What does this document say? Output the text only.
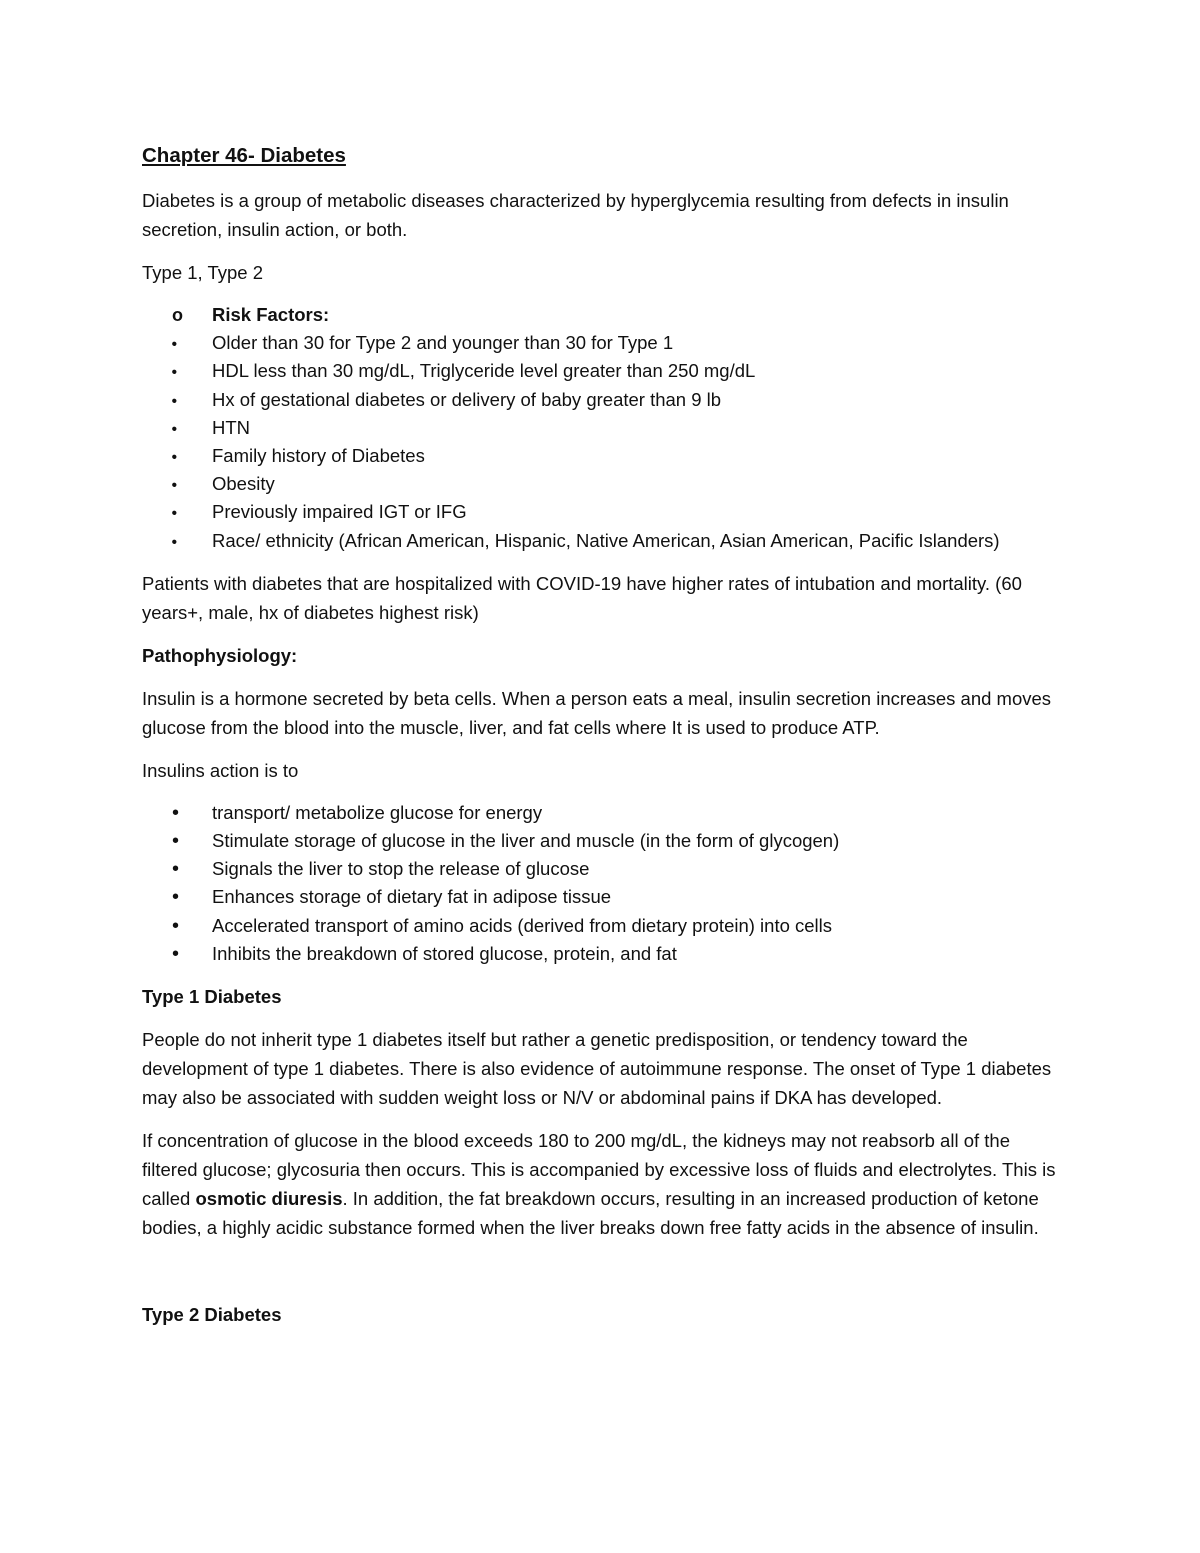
Chapter 46- Diabetes

Diabetes is a group of metabolic diseases characterized by hyperglycemia resulting from defects in insulin secretion, insulin action, or both.

Type 1, Type 2

o	Risk Factors:
•	Older than 30 for Type 2 and younger than 30 for Type 1
•	HDL less than 30 mg/dL, Triglyceride level greater than 250 mg/dL
•	Hx of gestational diabetes or delivery of baby greater than 9 lb
•	HTN
•	Family history of Diabetes
•	Obesity
•	Previously impaired IGT or IFG
•	Race/ ethnicity (African American, Hispanic, Native American, Asian American, Pacific Islanders)

Patients with diabetes that are hospitalized with COVID-19 have higher rates of intubation and mortality. (60 years+, male, hx of diabetes highest risk)

Pathophysiology:

Insulin is a hormone secreted by beta cells. When a person eats a meal, insulin secretion increases and moves glucose from the blood into the muscle, liver, and fat cells where It is used to produce ATP.

Insulins action is to

•	transport/ metabolize glucose for energy
•	Stimulate storage of glucose in the liver and muscle (in the form of glycogen)
•	Signals the liver to stop the release of glucose
•	Enhances storage of dietary fat in adipose tissue
•	Accelerated transport of amino acids (derived from dietary protein) into cells
•	Inhibits the breakdown of stored glucose, protein, and fat
Type 1 Diabetes

People do not inherit type 1 diabetes itself but rather a genetic predisposition, or tendency toward the development of type 1 diabetes. There is also evidence of autoimmune response. The onset of Type 1 diabetes may also be associated with sudden weight loss or N/V or abdominal pains if DKA has developed.

If concentration of glucose in the blood exceeds 180 to 200 mg/dL, the kidneys may not reabsorb all of the filtered glucose; glycosuria then occurs. This is accompanied by excessive loss of fluids and electrolytes. This is called osmotic diuresis. In addition, the fat breakdown occurs, resulting in an increased production of ketone bodies, a highly acidic substance formed when the liver breaks down free fatty acids in the absence of insulin.

Type 2 Diabetes
